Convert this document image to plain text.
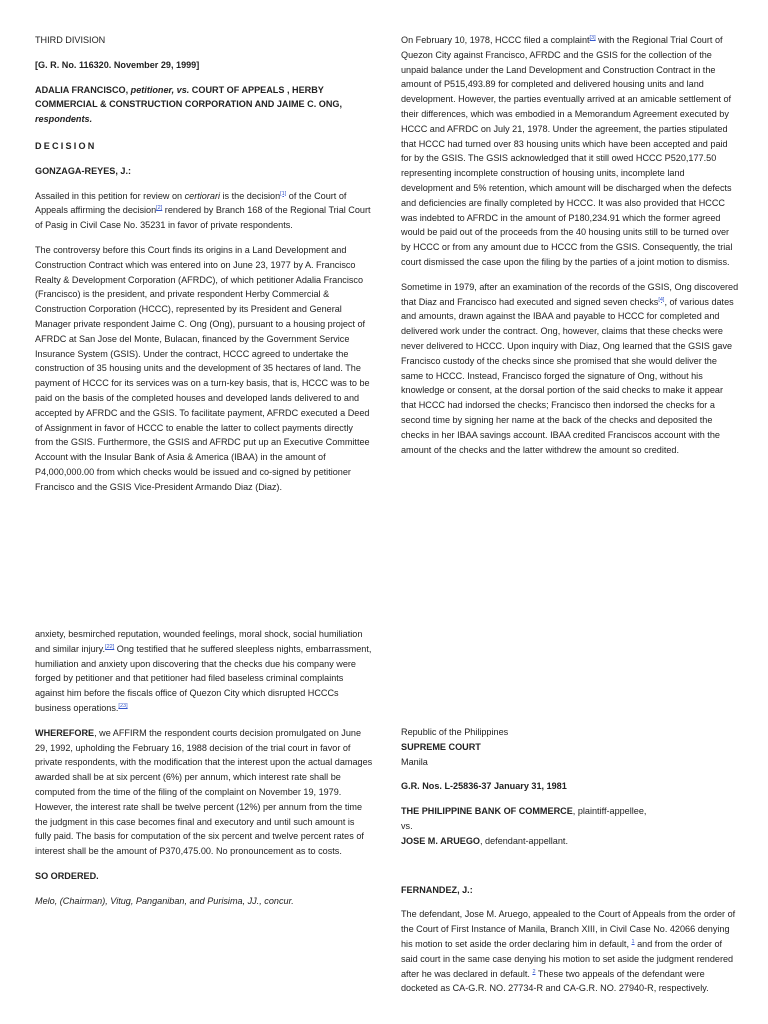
THIRD DIVISION
[G. R. No. 116320. November 29, 1999]
ADALIA FRANCISCO, petitioner, vs. COURT OF APPEALS , HERBY COMMERCIAL & CONSTRUCTION CORPORATION AND JAIME C. ONG, respondents.
DECISION
GONZAGA-REYES, J.:

Assailed in this petition for review on certiorari is the decision[1] of the Court of Appeals affirming the decision[2] rendered by Branch 168 of the Regional Trial Court of Pasig in Civil Case No. 35231 in favor of private respondents.

The controversy before this Court finds its origins in a Land Development and Construction Contract which was entered into on June 23, 1977 by A. Francisco Realty & Development Corporation (AFRDC), of which petitioner Adalia Francisco (Francisco) is the president, and private respondent Herby Commercial & Construction Corporation (HCCC), represented by its President and General Manager private respondent Jaime C. Ong (Ong), pursuant to a housing project of AFRDC at San Jose del Monte, Bulacan, financed by the Government Service Insurance System (GSIS). Under the contract, HCCC agreed to undertake the construction of 35 housing units and the development of 35 hectares of land. The payment of HCCC for its services was on a turn-key basis, that is, HCCC was to be paid on the basis of the completed houses and developed lands delivered to and accepted by AFRDC and the GSIS. To facilitate payment, AFRDC executed a Deed of Assignment in favor of HCCC to enable the latter to collect payments directly from the GSIS. Furthermore, the GSIS and AFRDC put up an Executive Committee Account with the Insular Bank of Asia & America (IBAA) in the amount of P4,000,000.00 from which checks would be issued and co-signed by petitioner Francisco and the GSIS Vice-President Armando Diaz (Diaz).

On February 10, 1978, HCCC filed a complaint[3] with the Regional Trial Court of Quezon City against Francisco, AFRDC and the GSIS for the collection of the unpaid balance under the Land Development and Construction Contract in the amount of P515,493.89 for completed and delivered housing units and land development. However, the parties eventually arrived at an amicable settlement of their differences, which was embodied in a Memorandum Agreement executed by HCCC and AFRDC on July 21, 1978. Under the agreement, the parties stipulated that HCCC had turned over 83 housing units which have been accepted and paid for by the GSIS. The GSIS acknowledged that it still owed HCCC P520,177.50 representing incomplete construction of housing units, incomplete land development and 5% retention, which amount will be discharged when the defects and deficiencies are finally completed by HCCC. It was also provided that HCCC was indebted to AFRDC in the amount of P180,234.91 which the former agreed would be paid out of the proceeds from the 40 housing units still to be turned over by HCCC or from any amount due to HCCC from the GSIS. Consequently, the trial court dismissed the case upon the filing by the parties of a joint motion to dismiss.

Sometime in 1979, after an examination of the records of the GSIS, Ong discovered that Diaz and Francisco had executed and signed seven checks[4], of various dates and amounts, drawn against the IBAA and payable to HCCC for completed and delivered work under the contract. Ong, however, claims that these checks were never delivered to HCCC. Upon inquiry with Diaz, Ong learned that the GSIS gave Francisco custody of the checks since she promised that she would deliver the same to HCCC. Instead, Francisco forged the signature of Ong, without his knowledge or consent, at the dorsal portion of the said checks to make it appear that HCCC had indorsed the checks; Francisco then indorsed the checks for a second time by signing her name at the back of the checks and deposited the checks in her IBAA savings account. IBAA credited Franciscos account with the amount of the checks and the latter withdrew the amount so credited.

anxiety, besmirched reputation, wounded feelings, moral shock, social humiliation and similar injury.[22] Ong testified that he suffered sleepless nights, embarrassment, humiliation and anxiety upon discovering that the checks due his company were forged by petitioner and that petitioner had filed baseless criminal complaints against him before the fiscals office of Quezon City which disrupted HCCCs business operations.[23]

WHEREFORE, we AFFIRM the respondent courts decision promulgated on June 29, 1992, upholding the February 16, 1988 decision of the trial court in favor of private respondents, with the modification that the interest upon the actual damages awarded shall be at six percent (6%) per annum, which interest rate shall be computed from the time of the filing of the complaint on November 19, 1979. However, the interest rate shall be twelve percent (12%) per annum from the time the judgment in this case becomes final and executory and until such amount is fully paid. The basis for computation of the six percent and twelve percent rates of interest shall be the amount of P370,475.00. No pronouncement as to costs.

SO ORDERED.

Melo, (Chairman), Vitug, Panganiban, and Purisima, JJ., concur.

Republic of the Philippines
SUPREME COURT
Manila
G.R. Nos. L-25836-37 January 31, 1981
THE PHILIPPINE BANK OF COMMERCE, plaintiff-appellee,
vs.
JOSE M. ARUEGO, defendant-appellant.
FERNANDEZ, J.:

The defendant, Jose M. Aruego, appealed to the Court of Appeals from the order of the Court of First Instance of Manila, Branch XIII, in Civil Case No. 42066 denying his motion to set aside the order declaring him in default, $^1$ and from the order of said court in the same case denying his motion to set aside the judgment rendered after he was declared in default. $^2$ These two appeals of the defendant were docketed as CA-G.R. NO. 27734-R and CA-G.R. NO. 27940-R, respectively.
